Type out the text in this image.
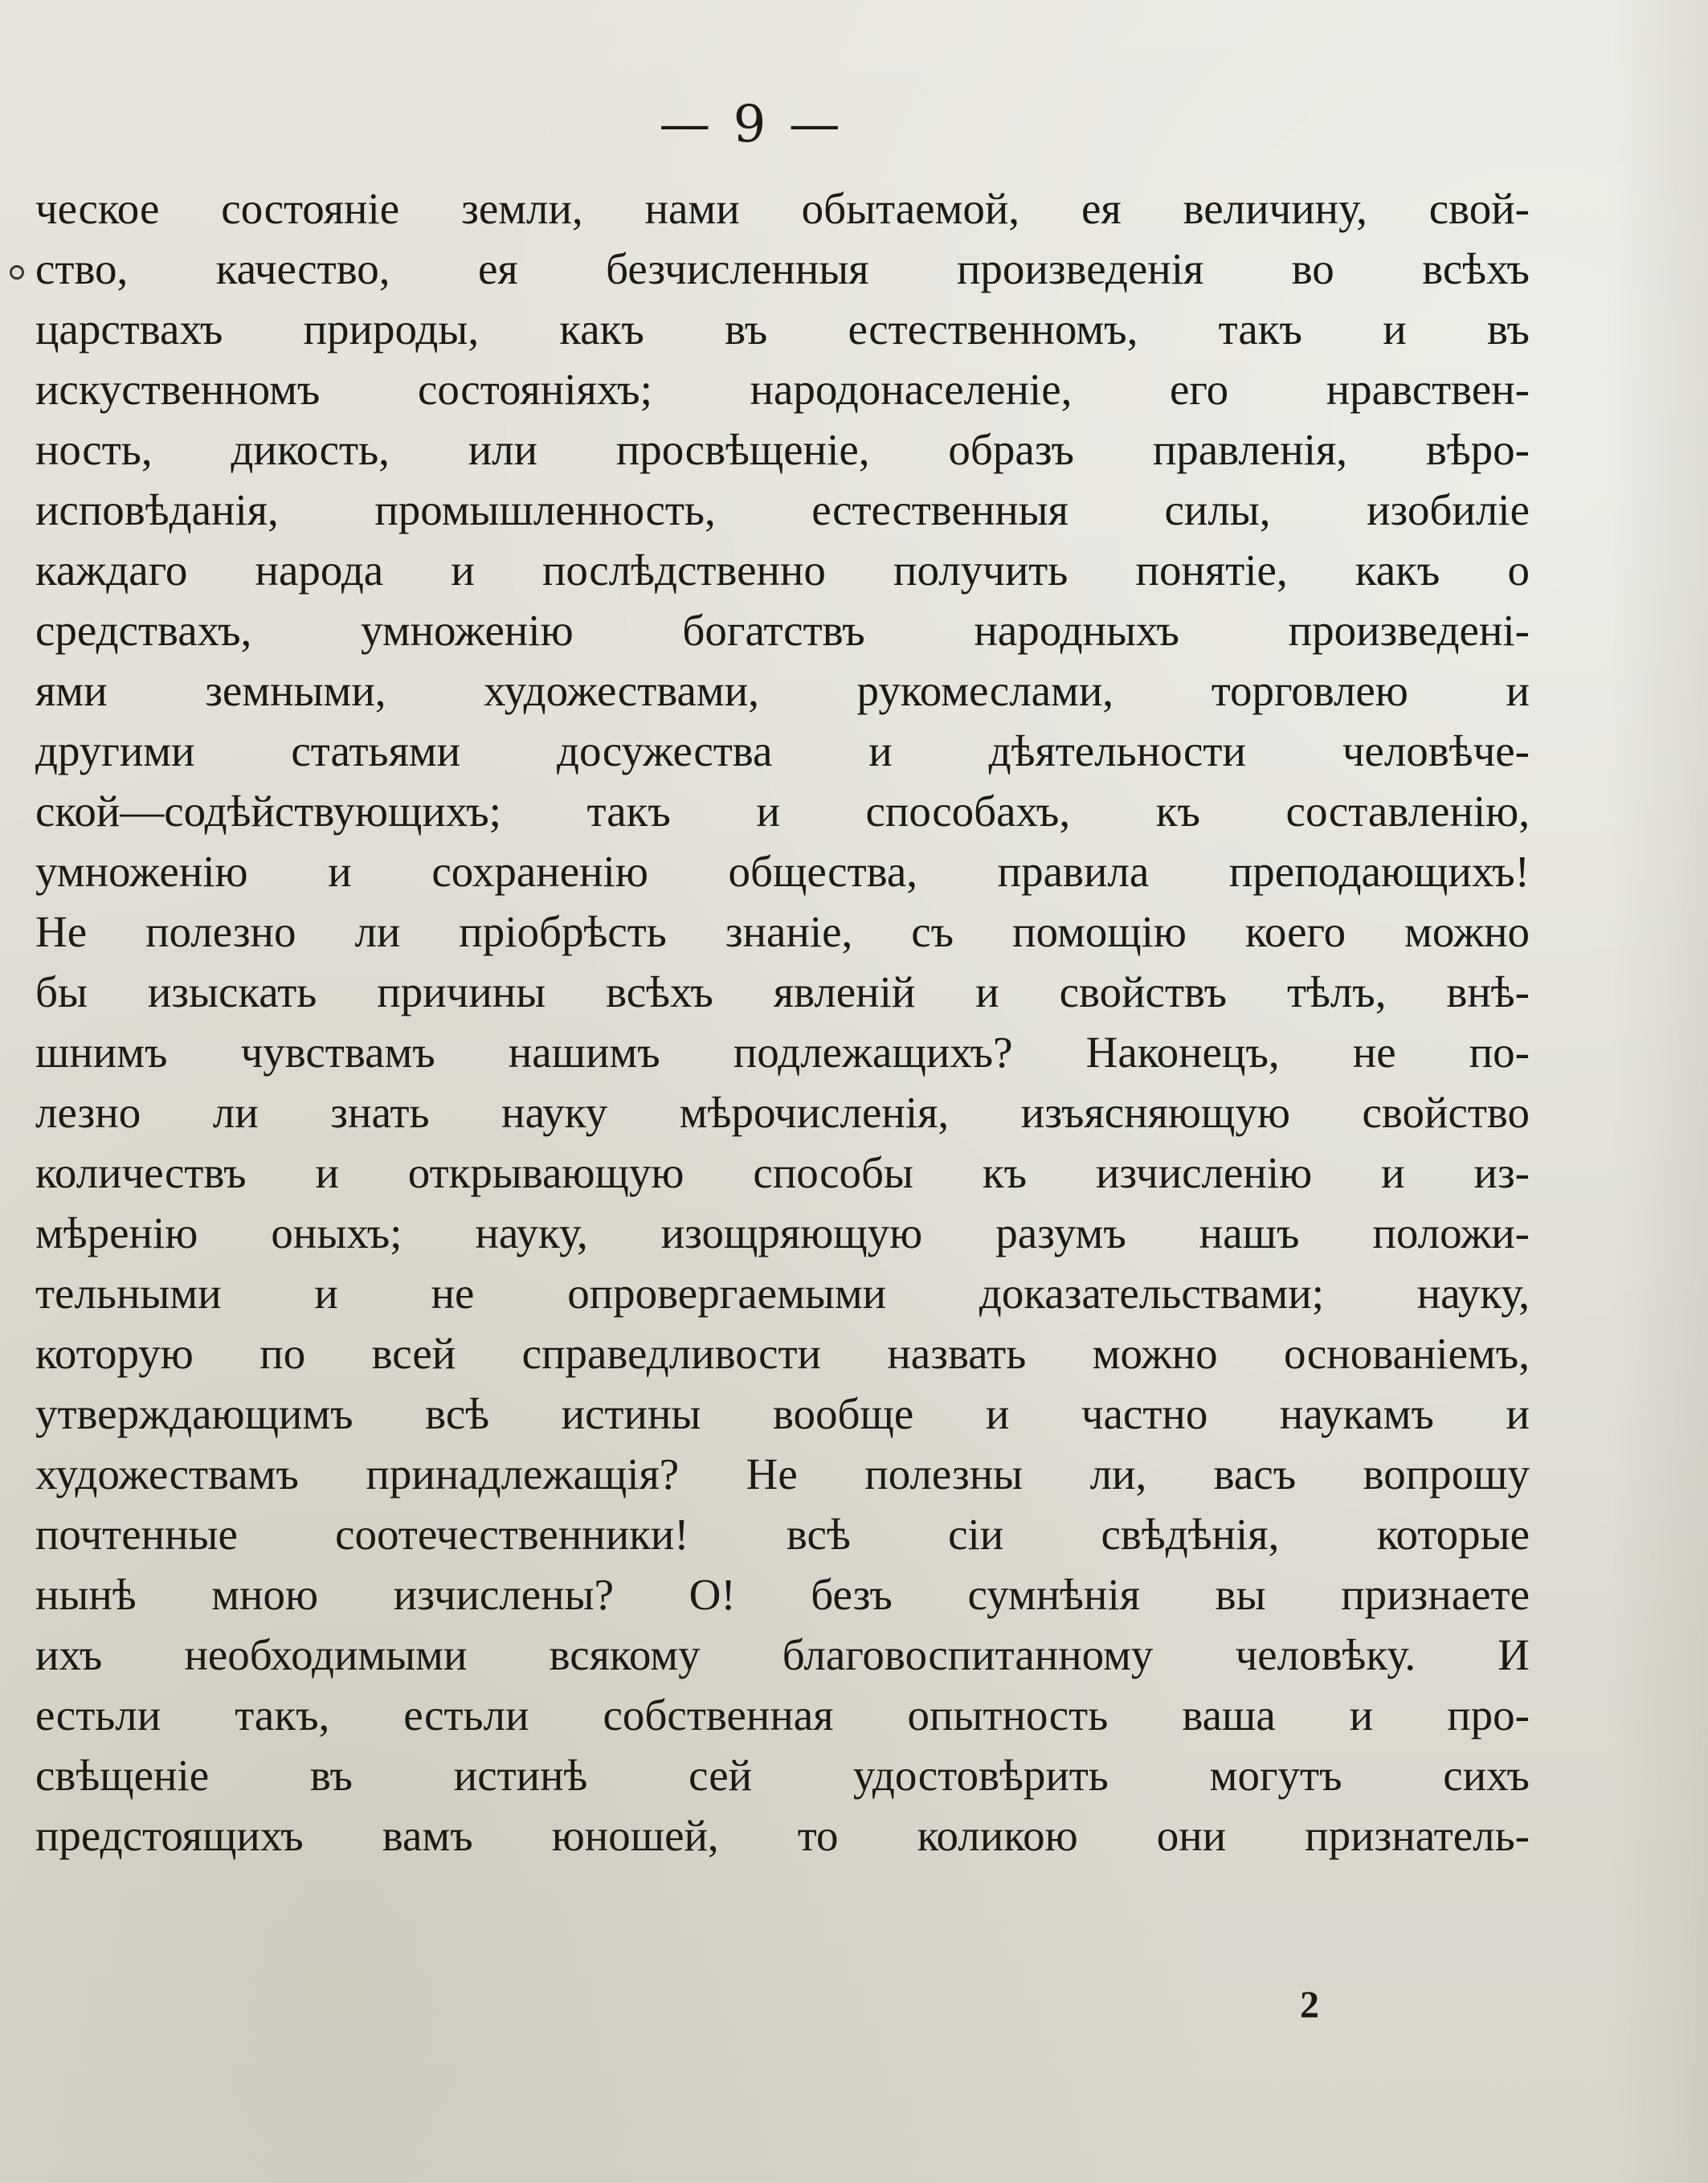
— 9 —
ческое состояніе земли, нами обытаемой, ея величину, свой-
ство, качество, ея безчисленныя произведенія во всѣхъ
царствахъ природы, какъ въ естественномъ, такъ и въ
искуственномъ состояніяхъ; народонаселеніе, его нравствен-
ность, дикость, или просвѣщеніе, образъ правленія, вѣро-
исповѣданія, промышленность, естественныя силы, изобиліе
каждаго народа и послѣдственно получить понятіе, какъ о
средствахъ, умноженію богатствъ народныхъ произведені-
ями земными, художествами, рукомеслами, торговлею и
другими статьями досужества и дѣятельности человѣче-
ской—содѣйствующихъ; такъ и способахъ, къ составленію,
умноженію и сохраненію общества, правила преподающихъ!
Не полезно ли пріобрѣсть знаніе, съ помощію коего можно
бы изыскать причины всѣхъ явленій и свойствъ тѣлъ, внѣ-
шнимъ чувствамъ нашимъ подлежащихъ? Наконецъ, не по-
лезно ли знать науку мѣрочисленія, изъясняющую свойство
количествъ и открывающую способы къ изчисленію и из-
мѣренію оныхъ; науку, изощряющую разумъ нашъ положи-
тельными и не опровергаемыми доказательствами; науку,
которую по всей справедливости назвать можно основаніемъ,
утверждающимъ всѣ истины вообще и частно наукамъ и
художествамъ принадлежащія? Не полезны ли, васъ вопрошу
почтенные соотечественники! всѣ сіи свѣдѣнія, которые
нынѣ мною изчислены? О! безъ сумнѣнія вы признаете
ихъ необходимыми всякому благовоспитанному человѣку. И
естьли такъ, естьли собственная опытность ваша и про-
свѣщеніе въ истинѣ сей удостовѣрить могутъ сихъ
предстоящихъ вамъ юношей, то коликою они признатель-
2
